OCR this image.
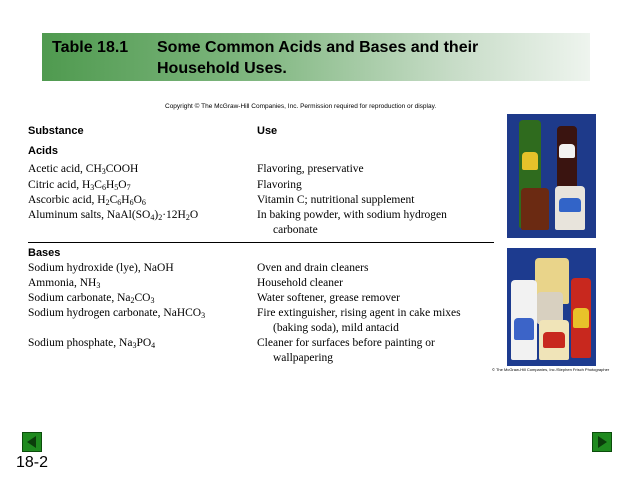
Table 18.1 Some Common Acids and Bases and their
Household Uses.
Copyright © The McGraw-Hill Companies, Inc. Permission required for reproduction or display.
Substance	Use
Acids
Acetic acid, $CH_3COOH$	Flavoring, preservative
Citric acid, $H_3C_6H_5O_7$	Flavoring
Ascorbic acid, $H_2C_6H_6O_6$	Vitamin C; nutritional supplement
Aluminum salts, $NaAl(SO_4)_2\cdot 12H_2O$	In baking powder, with sodium hydrogen
carbonate
Bases
Sodium hydroxide (lye), NaOH	Oven and drain cleaners
Ammonia, $NH_3$	Household cleaner
Sodium carbonate, $Na_2CO_3$	Water softener, grease remover
Sodium hydrogen carbonate, NaHCO$_3$	Fire extinguisher, rising agent in cake mixes
(baking soda), mild antacid
Sodium phosphate, $Na_3PO_4$	Cleaner for surfaces before painting or
wallpapering
© The McGraw-Hill Companies, Inc./Stephen Frisch Photographer
18-2
